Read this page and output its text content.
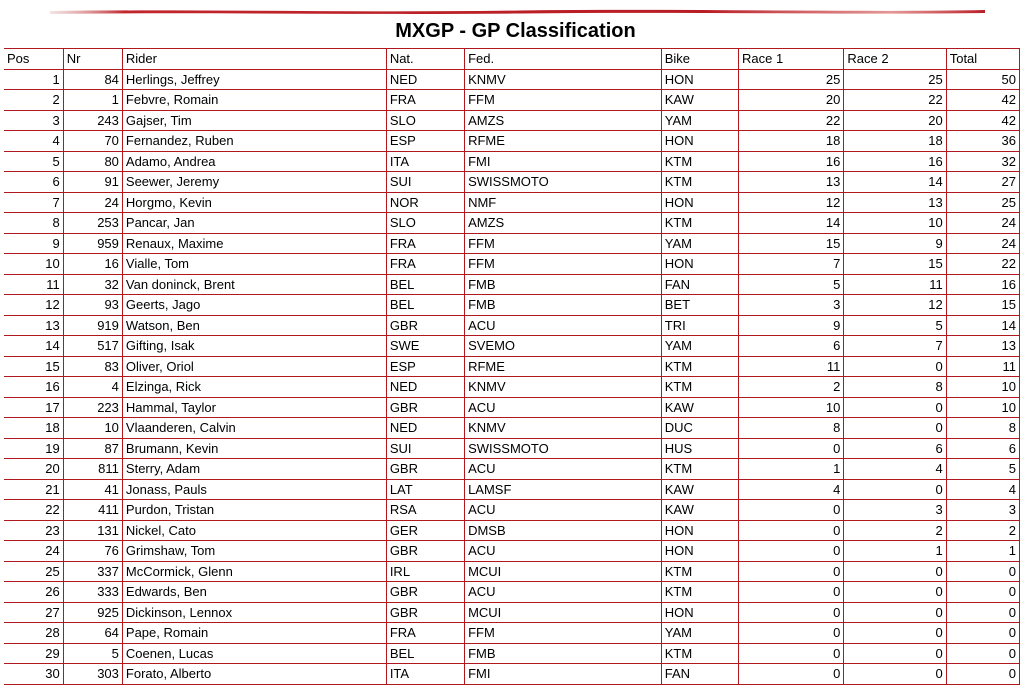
MXGP - GP Classification
Pos	Nr	Rider	Nat.	Fed.	Bike	Race 1	Race 2	Total
1	84	Herlings, Jeffrey	NED	KNMV	HON	25	25	50
2	1	Febvre, Romain	FRA	FFM	KAW	20	22	42
3	243	Gajser, Tim	SLO	AMZS	YAM	22	20	42
4	70	Fernandez, Ruben	ESP	RFME	HON	18	18	36
5	80	Adamo, Andrea	ITA	FMI	KTM	16	16	32
6	91	Seewer, Jeremy	SUI	SWISSMOTO	KTM	13	14	27
7	24	Horgmo, Kevin	NOR	NMF	HON	12	13	25
8	253	Pancar, Jan	SLO	AMZS	KTM	14	10	24
9	959	Renaux, Maxime	FRA	FFM	YAM	15	9	24
10	16	Vialle, Tom	FRA	FFM	HON	7	15	22
11	32	Van doninck, Brent	BEL	FMB	FAN	5	11	16
12	93	Geerts, Jago	BEL	FMB	BET	3	12	15
13	919	Watson, Ben	GBR	ACU	TRI	9	5	14
14	517	Gifting, Isak	SWE	SVEMO	YAM	6	7	13
15	83	Oliver, Oriol	ESP	RFME	KTM	11	0	11
16	4	Elzinga, Rick	NED	KNMV	KTM	2	8	10
17	223	Hammal, Taylor	GBR	ACU	KAW	10	0	10
18	10	Vlaanderen, Calvin	NED	KNMV	DUC	8	0	8
19	87	Brumann, Kevin	SUI	SWISSMOTO	HUS	0	6	6
20	811	Sterry, Adam	GBR	ACU	KTM	1	4	5
21	41	Jonass, Pauls	LAT	LAMSF	KAW	4	0	4
22	411	Purdon, Tristan	RSA	ACU	KAW	0	3	3
23	131	Nickel, Cato	GER	DMSB	HON	0	2	2
24	76	Grimshaw, Tom	GBR	ACU	HON	0	1	1
25	337	McCormick, Glenn	IRL	MCUI	KTM	0	0	0
26	333	Edwards, Ben	GBR	ACU	KTM	0	0	0
27	925	Dickinson, Lennox	GBR	MCUI	HON	0	0	0
28	64	Pape, Romain	FRA	FFM	YAM	0	0	0
29	5	Coenen, Lucas	BEL	FMB	KTM	0	0	0
30	303	Forato, Alberto	ITA	FMI	FAN	0	0	0
